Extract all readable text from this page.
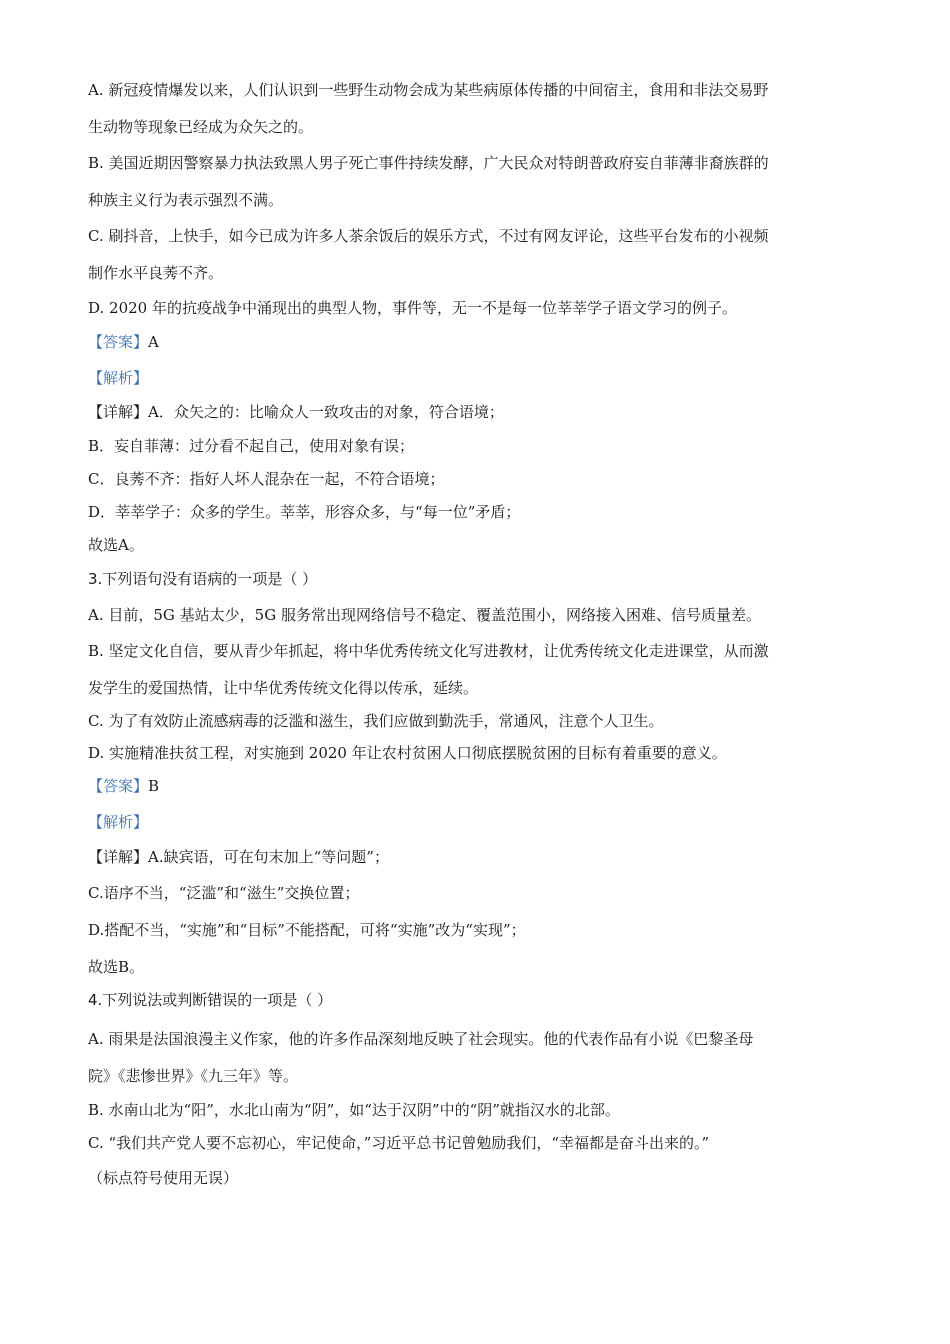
A. 新冠疫情爆发以来，人们认识到一些野生动物会成为某些病原体传播的中间宿主，食用和非法交易野
生动物等现象已经成为众矢之的。
B. 美国近期因警察暴力执法致黑人男子死亡事件持续发酵，广大民众对特朗普政府妄自菲薄非裔族群的
种族主义行为表示强烈不满。
C. 刷抖音，上快手，如今已成为许多人茶余饭后的娱乐方式，不过有网友评论，这些平台发布的小视频
制作水平良莠不齐。
D. 2020 年的抗疫战争中涌现出的典型人物，事件等，无一不是每一位莘莘学子语文学习的例子。
【答案】A
【解析】
【详解】A．众矢之的：比喻众人一致攻击的对象，符合语境；
B．妄自菲薄：过分看不起自己，使用对象有误；
C．良莠不齐：指好人坏人混杂在一起，不符合语境；
D．莘莘学子：众多的学生。莘莘，形容众多，与“每一位”矛盾；
故选A。
3.下列语句没有语病的一项是（ ）
A. 目前，5G 基站太少，5G 服务常出现网络信号不稳定、覆盖范围小，网络接入困难、信号质量差。
B. 坚定文化自信，要从青少年抓起，将中华优秀传统文化写进教材，让优秀传统文化走进课堂，从而激
发学生的爱国热情，让中华优秀传统文化得以传承，延续。
C. 为了有效防止流感病毒的泛滥和滋生，我们应做到勤洗手，常通风，注意个人卫生。
D. 实施精准扶贫工程，对实施到 2020 年让农村贫困人口彻底摆脱贫困的目标有着重要的意义。
【答案】B
【解析】
【详解】A.缺宾语，可在句末加上“等问题”；
C.语序不当，“泛滥”和“滋生”交换位置；
D.搭配不当，“实施”和“目标”不能搭配，可将“实施”改为“实现”；
故选B。
4.下列说法或判断错误的一项是（ ）
A. 雨果是法国浪漫主义作家，他的许多作品深刻地反映了社会现实。他的代表作品有小说《巴黎圣母
院》《悲惨世界》《九三年》等。
B. 水南山北为“阳”，水北山南为“阴”，如“达于汉阴”中的“阴”就指汉水的北部。
C. “我们共产党人要不忘初心，牢记使命，”习近平总书记曾勉励我们，“幸福都是奋斗出来的。”
（标点符号使用无误）
